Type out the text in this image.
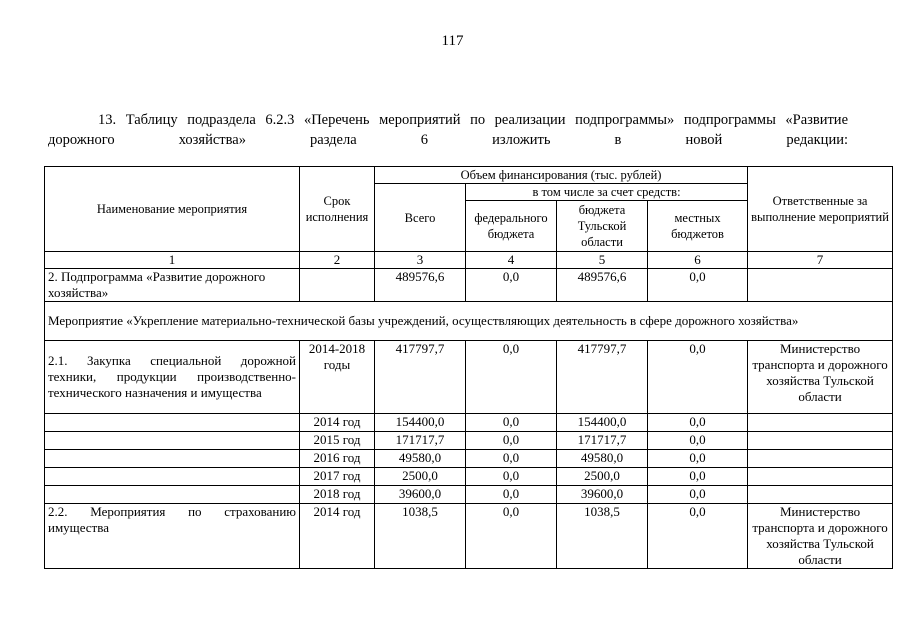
117
13. Таблицу подраздела 6.2.3 «Перечень мероприятий по реализации подпрограммы» подпрограммы «Развитие дорожного хозяйства» раздела 6 изложить в новой редакции:
Наименование мероприятия	Срок исполнения	Объем финансирования (тыс. рублей)				Ответственные за выполнение мероприятий
		Всего	в том числе за счет средств:			
			федерального бюджета	бюджета Тульской области	местных бюджетов	
1	2	3	4	5	6	7
2. Подпрограмма «Развитие дорожного хозяйства»		489576,6	0,0	489576,6	0,0	
Мероприятие «Укрепление материально-технической базы учреждений, осуществляющих деятельность в сфере дорожного хозяйства»						
2.1. Закупка специальной дорожной техники, продукции производственно-технического назначения и имущества	2014-2018 годы	417797,7	0,0	417797,7	0,0	Министерство транспорта и дорожного хозяйства Тульской области
	2014 год	154400,0	0,0	154400,0	0,0	
	2015 год	171717,7	0,0	171717,7	0,0	
	2016 год	49580,0	0,0	49580,0	0,0	
	2017 год	2500,0	0,0	2500,0	0,0	
	2018 год	39600,0	0,0	39600,0	0,0	
2.2. Мероприятия по страхованию имущества	2014 год	1038,5	0,0	1038,5	0,0	Министерство транспорта и дорожного хозяйства Тульской области
